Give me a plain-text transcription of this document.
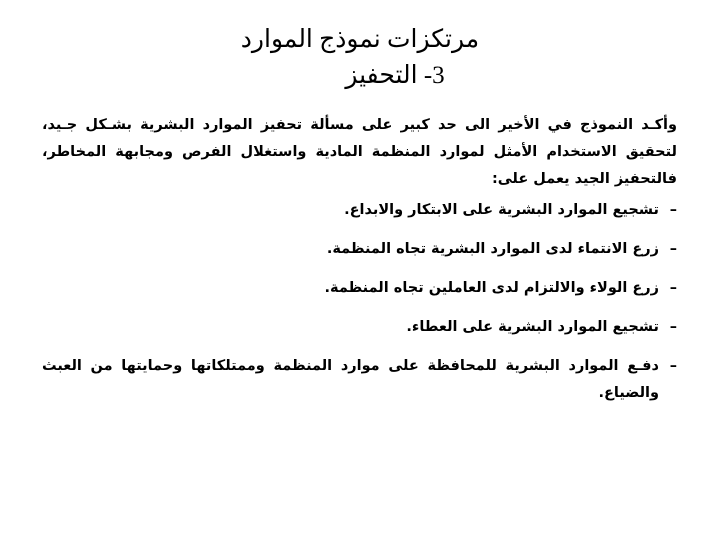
مرتكزات نموذج الموارد
3- التحفيز

وأكـد النموذج في الأخير الى حد كبير على مسألة تحفيز الموارد البشرية بشـكل جـيد، لتحقيق الاستخدام الأمثل لموارد المنظمة المادية واستغلال الفرص ومجابهة المخاطر، فالتحفيز الجيد يعمل على:

–
تشجيع الموارد البشرية على الابتكار والابداع.
–
زرع الانتماء لدى الموارد البشرية تجاه المنظمة.
–
زرع الولاء والالتزام لدى العاملين تجاه المنظمة.
–
تشجيع الموارد البشرية على العطاء.
–
دفـع الموارد البشرية للمحافظة على موارد المنظمة وممتلكاتها وحمايتها من العبث والضياع.
